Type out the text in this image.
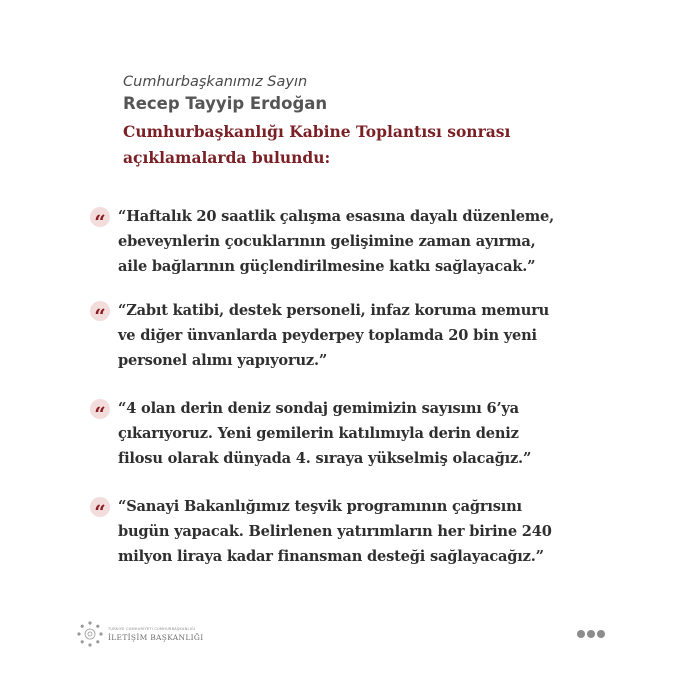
Cumhurbaşkanımız Sayın
Recep Tayyip Erdoğan
Cumhurbaşkanlığı Kabine Toplantısı sonrası
açıklamalarda bulundu:
“ “Haftalık 20 saatlik çalışma esasına dayalı düzenleme,
ebeveynlerin çocuklarının gelişimine zaman ayırma,
aile bağlarının güçlendirilmesine katkı sağlayacak.”
“ “Zabıt katibi, destek personeli, infaz koruma memuru
ve diğer ünvanlarda peyderpey toplamda 20 bin yeni
personel alımı yapıyoruz.”
“ “4 olan derin deniz sondaj gemimizin sayısını 6’ya
çıkarıyoruz. Yeni gemilerin katılımıyla derin deniz
filosu olarak dünyada 4. sıraya yükselmiş olacağız.”
“ “Sanayi Bakanlığımız teşvik programının çağrısını
bugün yapacak. Belirlenen yatırımların her birine 240
milyon liraya kadar finansman desteği sağlayacağız.”
TÜRKİYE CUMHURİYETİ CUMHURBAŞKANLIĞI
İLETİŞİM BAŞKANLIĞI
